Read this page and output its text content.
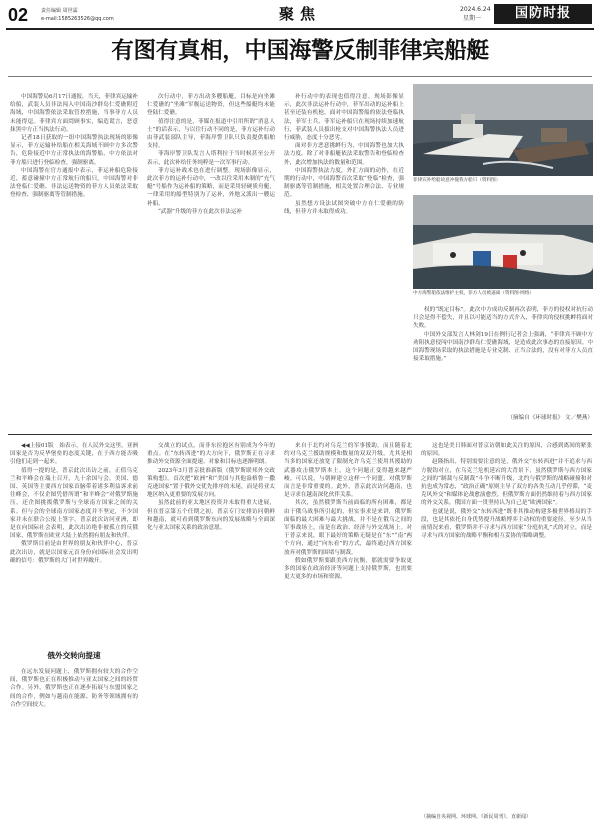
02	责任编辑 周世霖
e-mail:1585263526@qq.com	聚焦	2024.6.24
星期一	国防时报
有图有真相，中国海警反制菲律宾船艇

中国海警局6月17日通报，当天，菲律宾运输补给船，武装人员非法闯入中国南沙群岛仁爱礁附近海域，中国海警依法采取管控措施，当事菲方人员未能得逞。菲律宾方面罔顾事实，编造谎言，恶意抹黑中方正当执法行动。

记者18日获取的一组中国海警执法现场的影像显示，菲方运输补给船在相关海域不顾中方多次警告，危险接近中方正常执法的海警船，中方依法对菲方船只进行登临检查，强制驱离。

中国海警在官方通报中表示，菲运补船危险接近，蓄意碰撞中方正常航行的船只。中国海警对非法登临仁爱礁、非法运送物资的菲方人员依法采取登检查、强制驱离等管制措施。

次行动中，菲方出动多艘船艇，目标是向坐滩仁爱礁的“坐滩”军舰运送物资，但这些船艇均未能登陆仁爱礁。

值得注意的是，菲媒在报道中引用所谓“消息人士”的话表示，与以往行动不同的是，菲方运补行动由菲武装部队主导，菲海岸警卫队只负责提供船舶支持。

菲海岸警卫队发言人塔利拉于当时候甚至公开表示，此次补给任务纯粹是一次军事行动。

菲方运补战术也在进行调整。现场影像显示，此次菲方的运补行动中，一改以往采用木制的“充气艇”号船作为运补船的策略，而是采用轻硬质舟艇，一律采用的船型特别为了运补，外地又派出一艘运补船。

“武器”升级的菲方在此次非法运补

补行动中的表现也值得注意。现场影像显示，此次非法运补行动中，菲军出动的运补船上甚至还装有机枪，面对中国海警船的依法登临执法，菲军士兵、菲军运补船只在现场持续加速航行，菲武装人员拔出枪支对中国海警执法人员进行威胁，态度十分恶劣。

面对非方恶意挑衅行为，中国海警也加大执法力度，除了对非船艇依法采取警告和登临检查外，此次增加执法的数量和范围。

中国海警执法力度，外汇方面的动作，在近期的行动中，中国海警首次采取“登临”检查，强制驱离等管制措施，相关处置合理合法、专业规范。

虽然想方设法试图突破中方在仁爱礁的防线，但菲方并未取得成功。

菲律宾补给船故意冲撞我方船只（资料图）
中方海警船依法维护主权，菲方人员被逼离（资料图·网络）

权的“既定目标”。此次中方成功反制再次表明，菲方的侵权对抗行动只会是得不偿失，并且以可能适当的方式介入，菲律宾的侵权挑衅将面对失败。

中国外交部发言人林剑19日在例行记者会上强调，“菲律宾不顾中方劝阻执意侵闯中国南沙群岛仁爱礁海域，是造成此次事态的直接原因。中国海警现场采取的执法措施是专业克制、正当合法的，没有对菲方人员直接采取措施。”

（摘编自《环球时报》 文／樊燕）

◀◀上接01版　始表示，在人民外交这里，亚洲国家是否为反华堡垒的态度关键，在于西方能否吸引他们走到一起来。

值得一提的是，普京此次出访之前，正值乌克兰和平峰会在瑞士召开，九十余国与会。美国、德国、英国等主要西方国家首脑带着诸多利益诉求前往峰会，不仅企图凭借所谓“和平峰会”对俄罗斯施压，还企图挑拨俄罗斯与全球南方国家之间的关系。但与会的全球南方国家态度并不坚定，不少国家并未在联合公报上签字。普京此次访问亚洲，即是在向国际社会表明，此次出访绝非被孤立的反俄国家，俄罗斯在欧亚大陆上依然拥有朋友和伙伴。

俄罗斯目前是由世界的朋友和伙伴中心，普京此次出访，就是以国家元首身份向国际社会发出明确的信号：俄罗斯的大门对世界敞开。

俄外交转向提速

在远东发展问题上，俄罗斯拥有较大的合作空间，俄罗斯也正在积极推动与亚太国家之间的经贸合作。另外，俄罗斯也正在逐步拓展与东盟国家之间的合作，例如与越南在能源、防务等领域拥有的合作空间较大。

交战立的试点，而非东拉抱区有别成为今年的重点。在“东转西进”的大方向下，俄罗斯正在寻求推动外交资源全面提速、对象和目标也逐渐明朗。

2023年3月普京批准新版《俄罗斯联邦外交政策构想》。首次把“欧洲”和“美国与其他盎格鲁－撒克逊国家”置于俄外交优先排序的末尾，而是将亚太地区纳入更重要的发展方向。

虽然此前的亚太地区投资并未取得重大进展，但在普京第五个任期之初，普京专门安排访问朝鲜和越南，就可看到俄罗斯东向的发展战略与全面深化与亚太国家关系的政治意愿。

来自于北约对乌克兰的军事援助，而且随着北约对乌克兰援助规模和数量的双双升级，尤其是相当多的国家还放宽了限制允许乌克兰使用其援助的武器攻击俄罗斯本土，这个问题正变得越来越严峻。可以说，与朝鲜建立这样一个同盟，对俄罗斯而言是非常重要的。此外，普京此次访问越南，也是寻求在越南深化伙伴关系。

其次，虽然俄罗斯当前面临的所有困难，都是由于俄乌战事所引起的，但实事求是来讲，俄罗斯面临的最大困难与最大挑战，并不是在俄乌之间的军事战场上，而是在政治、经济与外交战场上。对于普京来说，眼下最好的策略无疑是在“东”“南”两个方向，通过“向东看”的方式，最终通过西方国家放弃对俄罗斯的围堵与制裁。

假如俄罗斯要跟美西方抗衡，那就需要争取更多的国家在政治经济等问题上支持俄罗斯，也需要更大更多的市场和资源。

这也是美日韩面对普京访朝如此关注的原因，合感到离间的紧张的原因。

赵隆指出，特别需要注意的是，俄外交“东转西进”并不追求与西方脱钩对立，在乌克兰危机延宕的大背景下，虽然俄罗斯与西方国家之间的“制裁与反制裁”斗争不断升级，北约与俄罗斯的战略碰撞和对抗也成为常态，“政治正确”原则主导了双方的各类互动几乎停滞，“麦克风外交”和媒体论战愈演愈烈。但俄罗斯方面仍然维持着与西方国家的外交关系，俄国方面一贯坚持认为自己是“欧洲国家”。

也就是说，俄外交“东转西进”既非其推动构建多极世界格局的手段，也是其依托自身优势提升战略博弈主动权的重要途径。至少从当前情况来看，俄罗斯并不寻求与西方国家“分庭抗礼”式的对立，而是寻求与西方国家的战略平衡和相互妥协的策略调整。

（摘编自央视网、环球网、《新民周刊》、直新闻）
